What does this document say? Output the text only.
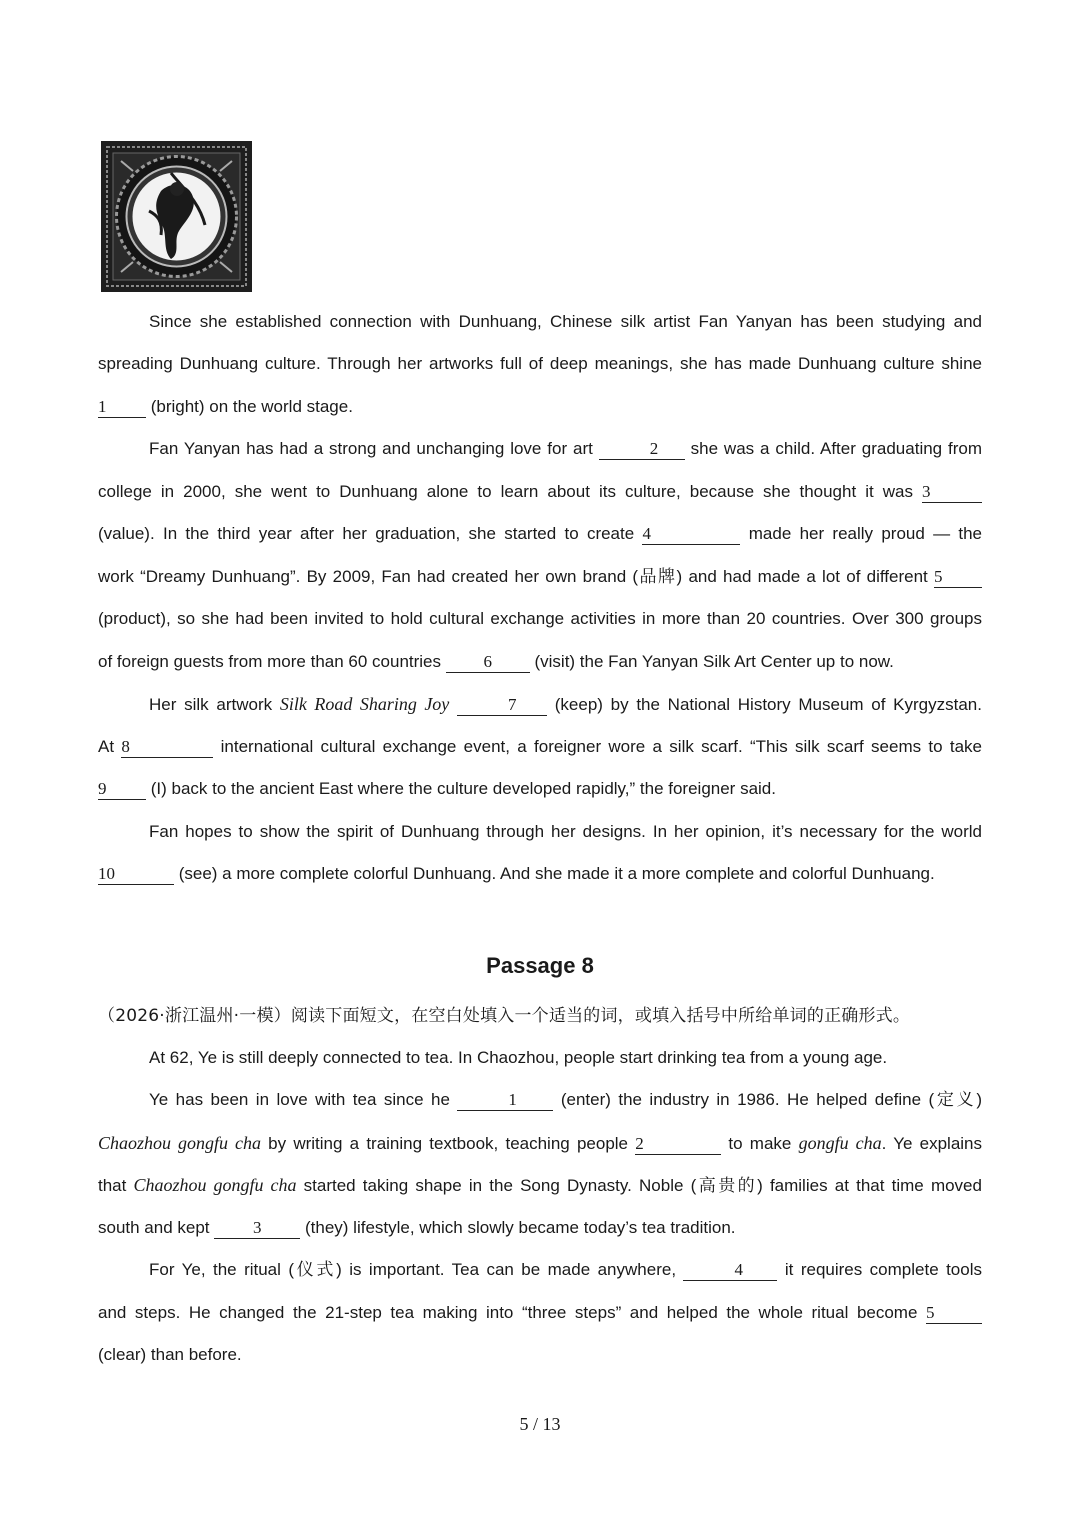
Since she established connection with Dunhuang, Chinese silk artist Fan Yanyan has been studying and
spreading Dunhuang culture. Through her artworks full of deep meanings, she has made Dunhuang culture shine
1 (bright) on the world stage.
Fan Yanyan has had a strong and unchanging love for art	2 she was a child. After graduating from
college in 2000, she went to Dunhuang alone to learn about its culture, because she thought it was 3
(value). In the third year after her graduation, she started to create 4	made her really proud — the
work “Dreamy Dunhuang”. By 2009, Fan had created her own brand (品牌) and had made a lot of different 5
(product), so she had been invited to hold cultural exchange activities in more than 20 countries. Over 300 groups
of foreign guests from more than 60 countries 6 (visit) the Fan Yanyan Silk Art Center up to now.
Her silk artwork Silk Road Sharing Joy	7 (keep) by the National History Museum of Kyrgyzstan.
At 8	international cultural exchange event, a foreigner wore a silk scarf. “This silk scarf seems to take
9 (I) back to the ancient East where the culture developed rapidly,” the foreigner said.
Fan hopes to show the spirit of Dunhuang through her designs. In her opinion, it’s necessary for the world
10	(see) a more complete colorful Dunhuang. And she made it a more complete and colorful Dunhuang.
Passage 8
（2026·浙江温州·一模）阅读下面短文，在空白处填入一个适当的词，或填入括号中所给单词的正确形式。
At 62, Ye is still deeply connected to tea. In Chaozhou, people start drinking tea from a young age.
Ye has been in love with tea since he	1 (enter) the industry in 1986. He helped define (定义)
Chaozhou gongfu cha by writing a training textbook, teaching people 2	to make gongfu cha. Ye explains
that Chaozhou gongfu cha started taking shape in the Song Dynasty. Noble (高贵的) families at that time moved
south and kept 3 (they) lifestyle, which slowly became today’s tea tradition.
For Ye, the ritual (仪式) is important. Tea can be made anywhere,	4 it requires complete tools
and steps. He changed the 21-step tea making into “three steps” and helped the whole ritual become 5
(clear) than before.
5 / 13
